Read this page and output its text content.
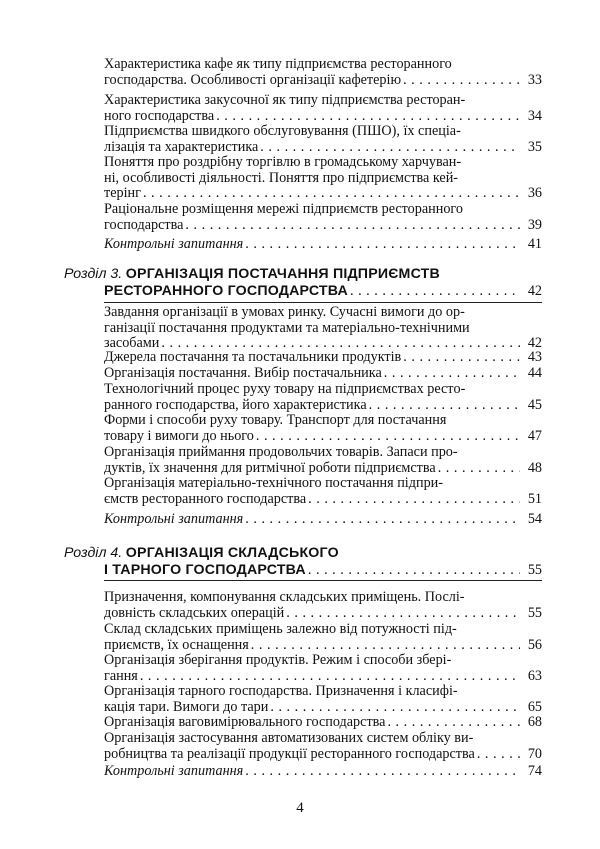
Характеристика кафе як типу підприємства ресторанного
господарства. Особливості організації кафетерію . . .	33
Характеристика закусочної як типу підприємства ресторан-
ного господарства . . .	34
Підприємства швидкого обслуговування (ПШО), їх спеціа-
лізація та характеристика . . .	35
Поняття про роздрібну торгівлю в громадському харчуван-
ні, особливості діяльності. Поняття про підприємства кей-
терінг . . .	36
Раціональне розміщення мережі підприємств ресторанного
господарства . . .	39
Контрольні запитання . . .	41
Розділ 3.
ОРГАНІЗАЦІЯ ПОСТАЧАННЯ ПІДПРИЄМСТВ
РЕСТОРАННОГО ГОСПОДАРСТВА . . .	42
Завдання організації в умовах ринку. Сучасні вимоги до ор-
ганізації постачання продуктами та матеріально-технічними
засобами . . .	42
Джерела постачання та постачальники продуктів . . .	43
Організація постачання. Вибір постачальника . . .	44
Технологічний процес руху товару на підприємствах рестo-
ранного господарства, його характеристика . . .	45
Форми і способи руху товару. Транспорт для постачання
товару і вимоги до нього . . .	47
Організація приймання продовольчих товарів. Запаси про-
дуктів, їх значення для ритмічної роботи підприємства . . .	48
Організація матеріально-технічного постачання підпри-
ємств ресторанного господарства . . .	51
Контрольні запитання . . .	54
Розділ 4.
ОРГАНІЗАЦІЯ СКЛАДСЬКОГО
І ТАРНОГО ГОСПОДАРСТВА . . .	55
Призначення, компонування складських приміщень. Послі-
довність складських операцій . . .	55
Склад складських приміщень залежно від потужності під-
приємств, їх оснащення . . .	56
Організація зберігання продуктів. Режим і способи зберi-
гання . . .	63
Організація тарного господарства. Призначення і класифі-
кація тари. Вимоги до тари . . .	65
Організація ваговимірювального господарства . . .	68
Організація застосування автоматизованих систем обліку ви-
робництва та реалізації продукції ресторанного господарства . . .	70
Контрольні запитання . . .	74
4
